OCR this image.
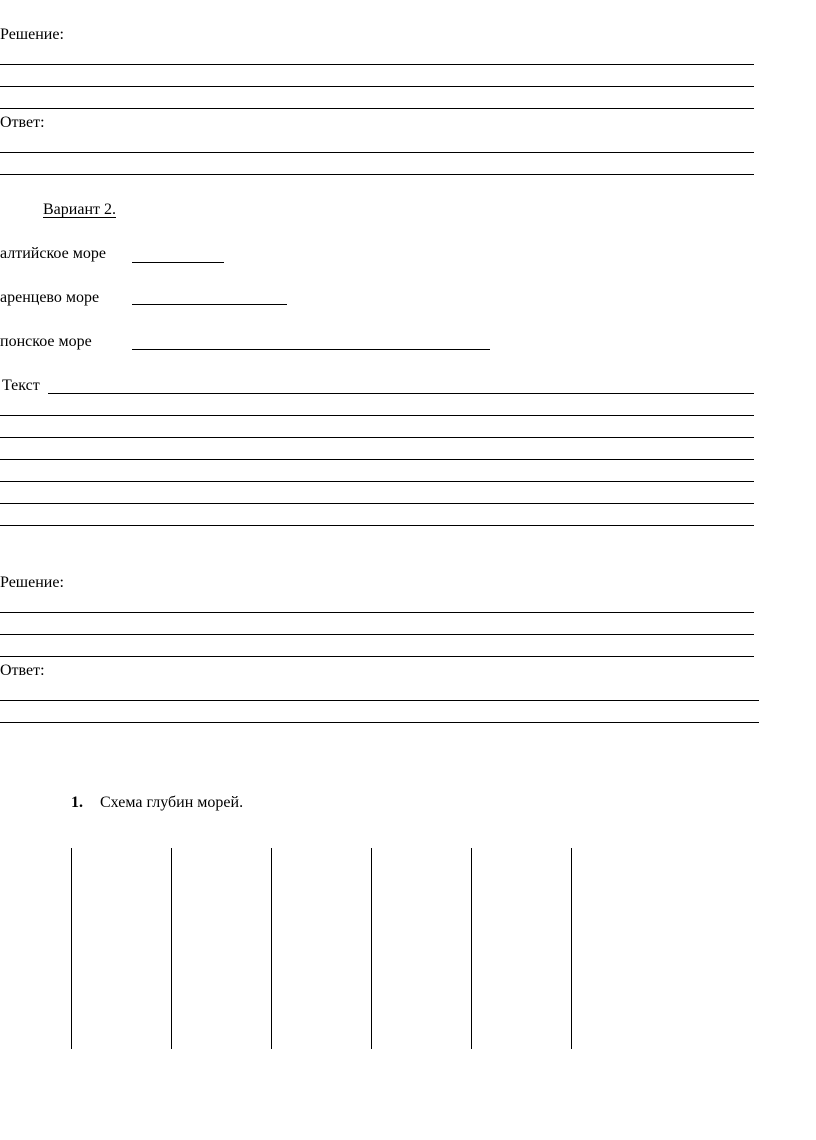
Решение:
Ответ:
Вариант 2.
алтийское море
аренцево море
понское море
Текст
Решение:
Ответ:
1. Схема глубин морей.
